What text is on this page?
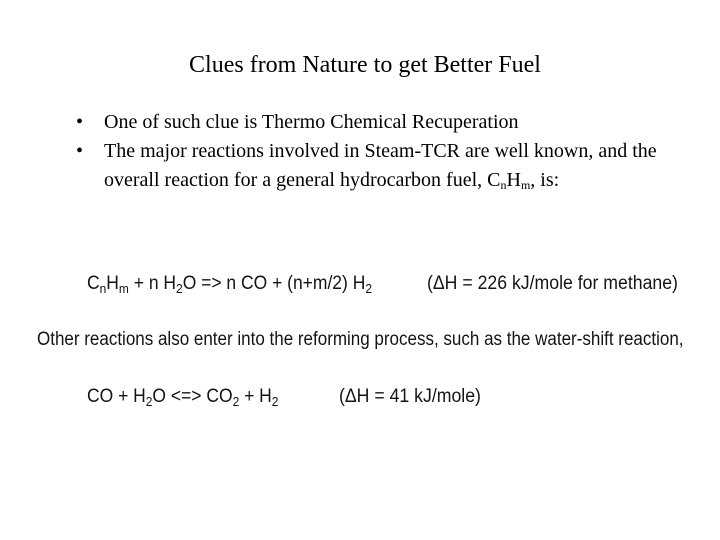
Clues from Nature to get Better Fuel
• One of such clue is Thermo Chemical Recuperation
• The major reactions involved in Steam-TCR are well known, and the overall reaction for a general hydrocarbon fuel, $C_nH_m$, is:
$C_nH_m + n$ $H_2O => n$ CO + (n+m/2) $H_2$	(ΔH = 226 kJ/mole for methane)
Other reactions also enter into the reforming process, such as the water-shift reaction,
CO + $H_2O$ <=> $CO_2 + H_2$	(ΔH = 41 kJ/mole)
